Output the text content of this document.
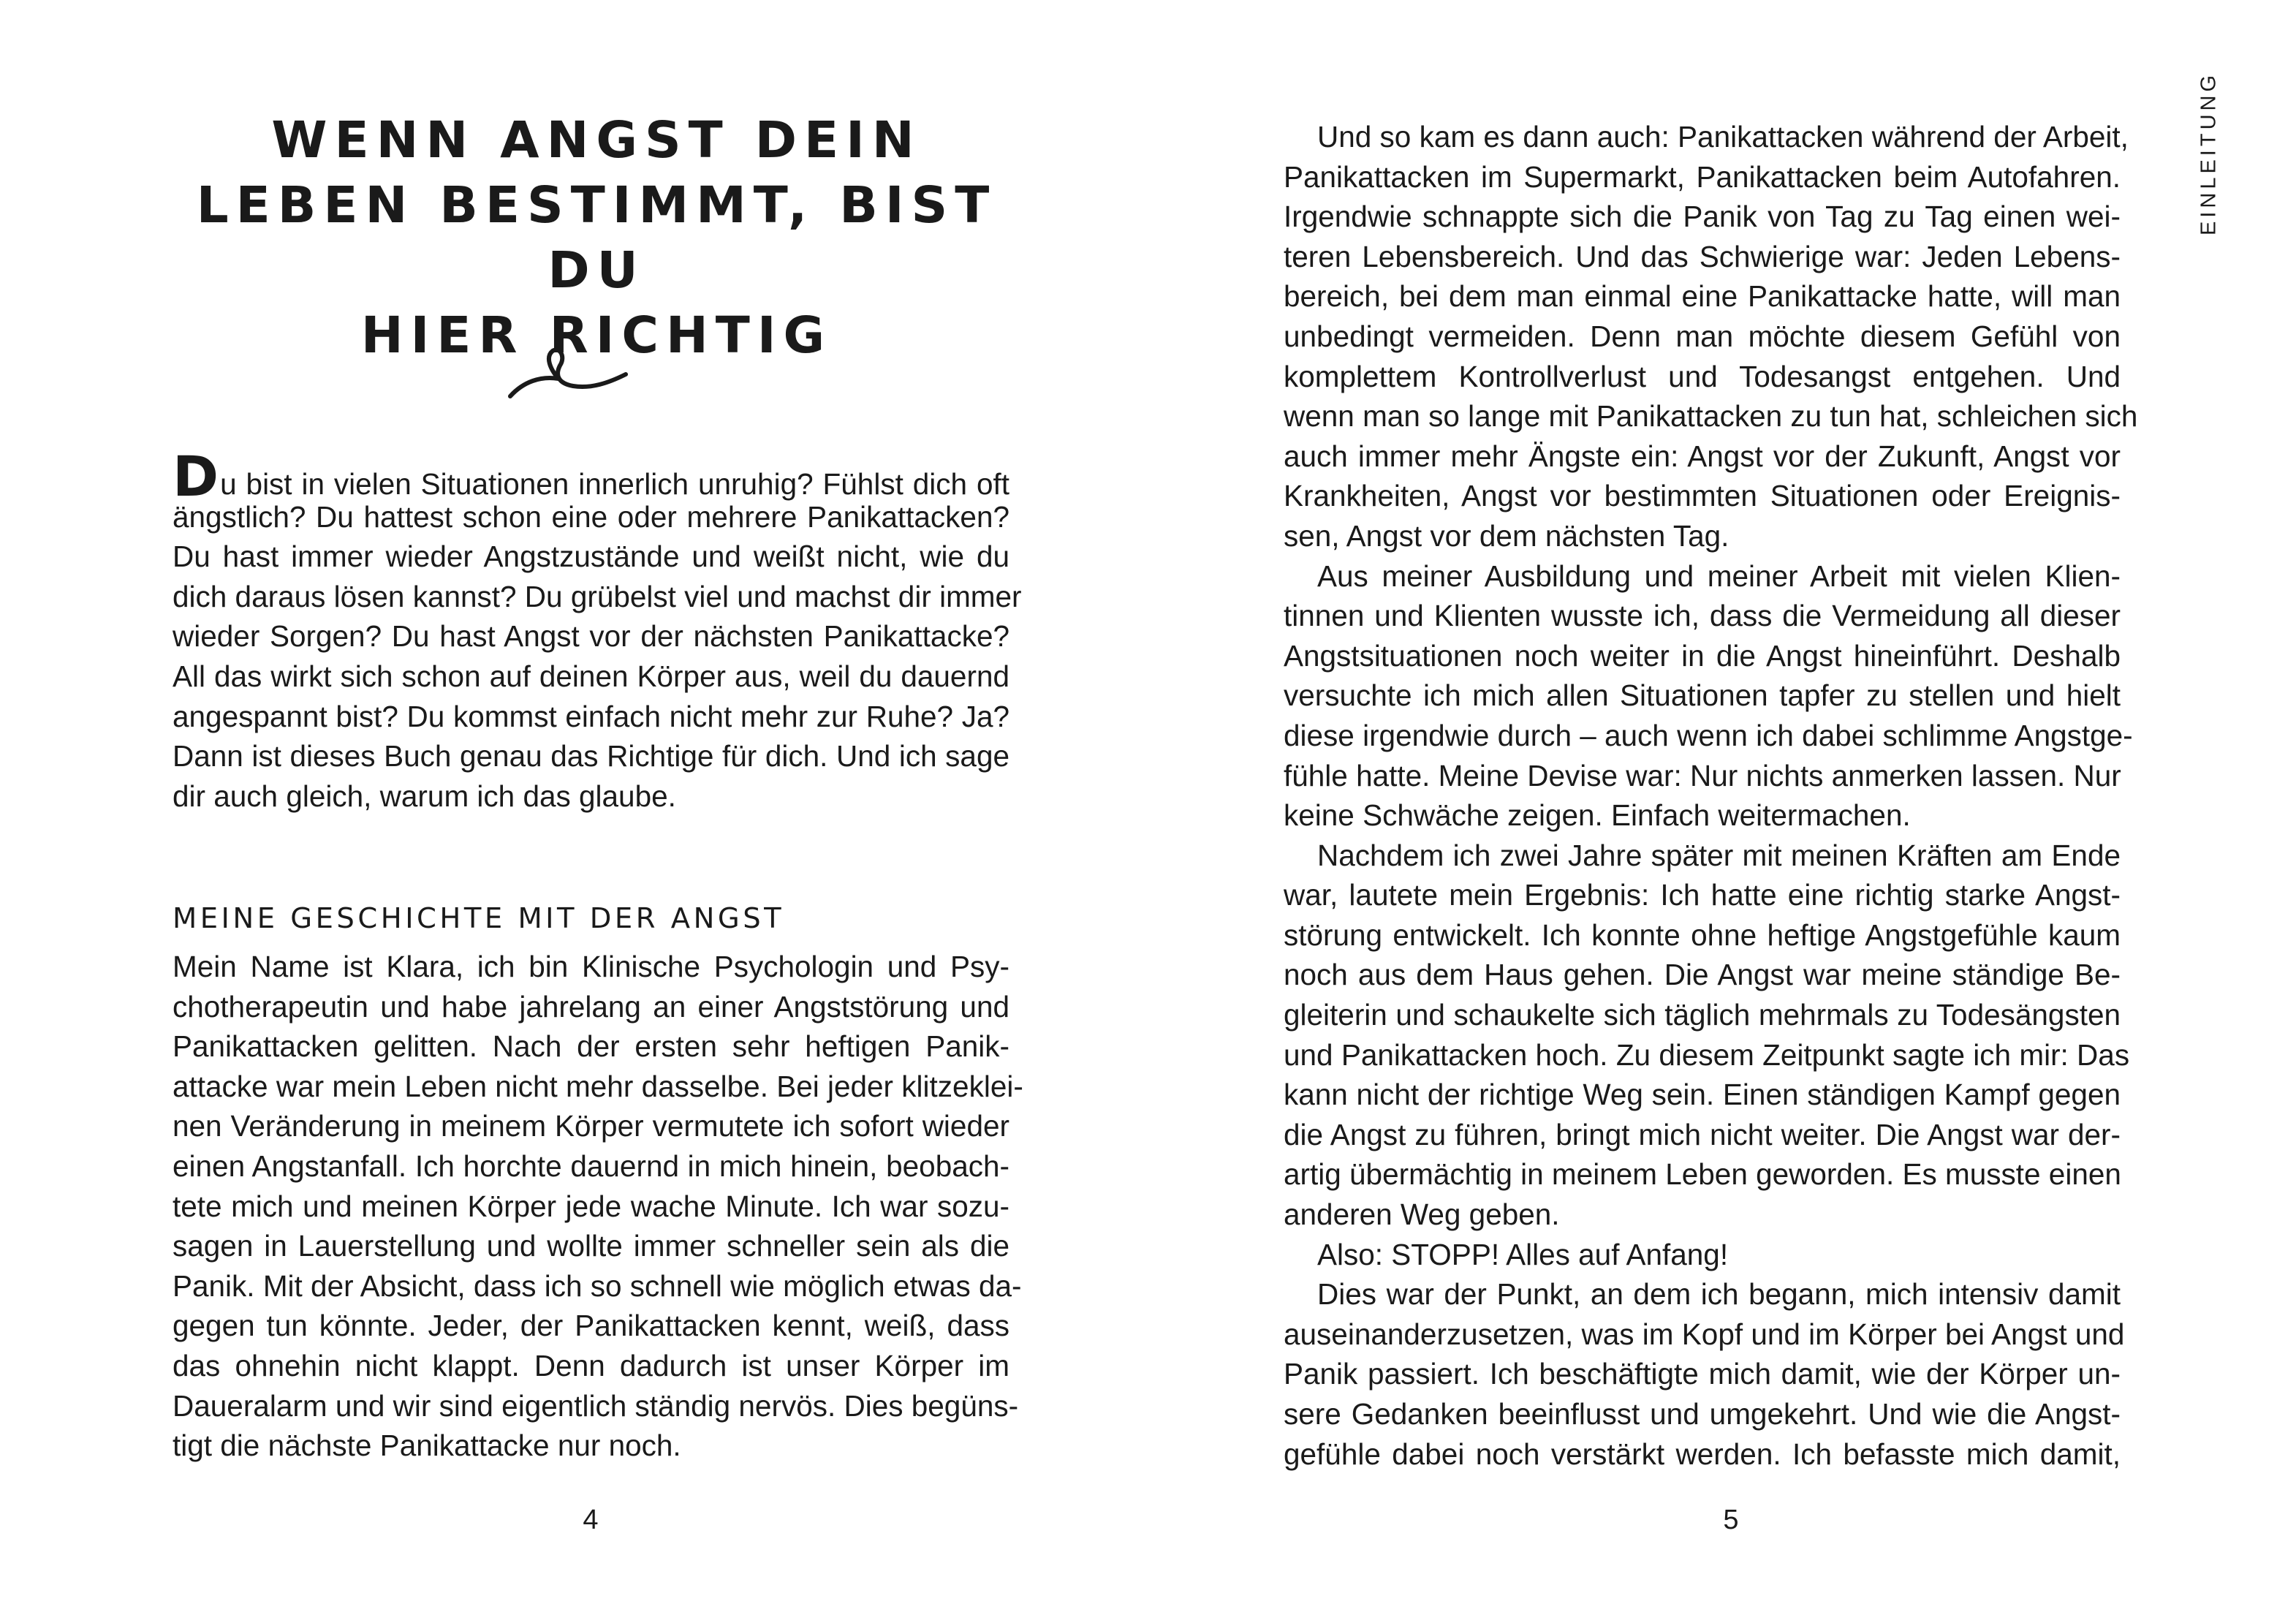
WENN ANGST DEIN
LEBEN BESTIMMT, BIST DU
HIER RICHTIG
Du bist in vielen Situationen innerlich unruhig? Fühlst dich oft
ängstlich? Du hattest schon eine oder mehrere Panikattacken?
Du hast immer wieder Angstzustände und weißt nicht, wie du
dich daraus lösen kannst? Du grübelst viel und machst dir immer
wieder Sorgen? Du hast Angst vor der nächsten Panikattacke?
All das wirkt sich schon auf deinen Körper aus, weil du dauernd
angespannt bist? Du kommst einfach nicht mehr zur Ruhe? Ja?
Dann ist dieses Buch genau das Richtige für dich. Und ich sage
dir auch gleich, warum ich das glaube.
MEINE GESCHICHTE MIT DER ANGST
Mein Name ist Klara, ich bin Klinische Psychologin und Psy-
chotherapeutin und habe jahrelang an einer Angststörung und
Panikattacken gelitten. Nach der ersten sehr heftigen Panik-
attacke war mein Leben nicht mehr dasselbe. Bei jeder klitzeklei-
nen Veränderung in meinem Körper vermutete ich sofort wieder
einen Angstanfall. Ich horchte dauernd in mich hinein, beobach-
tete mich und meinen Körper jede wache Minute. Ich war sozu-
sagen in Lauerstellung und wollte immer schneller sein als die
Panik. Mit der Absicht, dass ich so schnell wie möglich etwas da-
gegen tun könnte. Jeder, der Panikattacken kennt, weiß, dass
das ohnehin nicht klappt. Denn dadurch ist unser Körper im
Daueralarm und wir sind eigentlich ständig nervös. Dies begüns-
tigt die nächste Panikattacke nur noch.
4
EINLEITUNG
Und so kam es dann auch: Panikattacken während der Arbeit,
Panikattacken im Supermarkt, Panikattacken beim Autofahren.
Irgendwie schnappte sich die Panik von Tag zu Tag einen wei-
teren Lebensbereich. Und das Schwierige war: Jeden Lebens-
bereich, bei dem man einmal eine Panikattacke hatte, will man
unbedingt vermeiden. Denn man möchte diesem Gefühl von
komplettem Kontrollverlust und Todesangst entgehen. Und
wenn man so lange mit Panikattacken zu tun hat, schleichen sich
auch immer mehr Ängste ein: Angst vor der Zukunft, Angst vor
Krankheiten, Angst vor bestimmten Situationen oder Ereignis-
sen, Angst vor dem nächsten Tag.
Aus meiner Ausbildung und meiner Arbeit mit vielen Klien-
tinnen und Klienten wusste ich, dass die Vermeidung all dieser
Angstsituationen noch weiter in die Angst hineinführt. Deshalb
versuchte ich mich allen Situationen tapfer zu stellen und hielt
diese irgendwie durch – auch wenn ich dabei schlimme Angstge-
fühle hatte. Meine Devise war: Nur nichts anmerken lassen. Nur
keine Schwäche zeigen. Einfach weitermachen.
Nachdem ich zwei Jahre später mit meinen Kräften am Ende
war, lautete mein Ergebnis: Ich hatte eine richtig starke Angst-
störung entwickelt. Ich konnte ohne heftige Angstgefühle kaum
noch aus dem Haus gehen. Die Angst war meine ständige Be-
gleiterin und schaukelte sich täglich mehrmals zu Todesängsten
und Panikattacken hoch. Zu diesem Zeitpunkt sagte ich mir: Das
kann nicht der richtige Weg sein. Einen ständigen Kampf gegen
die Angst zu führen, bringt mich nicht weiter. Die Angst war der-
artig übermächtig in meinem Leben geworden. Es musste einen
anderen Weg geben.
Also: STOPP! Alles auf Anfang!
Dies war der Punkt, an dem ich begann, mich intensiv damit
auseinanderzusetzen, was im Kopf und im Körper bei Angst und
Panik passiert. Ich beschäftigte mich damit, wie der Körper un-
sere Gedanken beeinflusst und umgekehrt. Und wie die Angst-
gefühle dabei noch verstärkt werden. Ich befasste mich damit,
5
